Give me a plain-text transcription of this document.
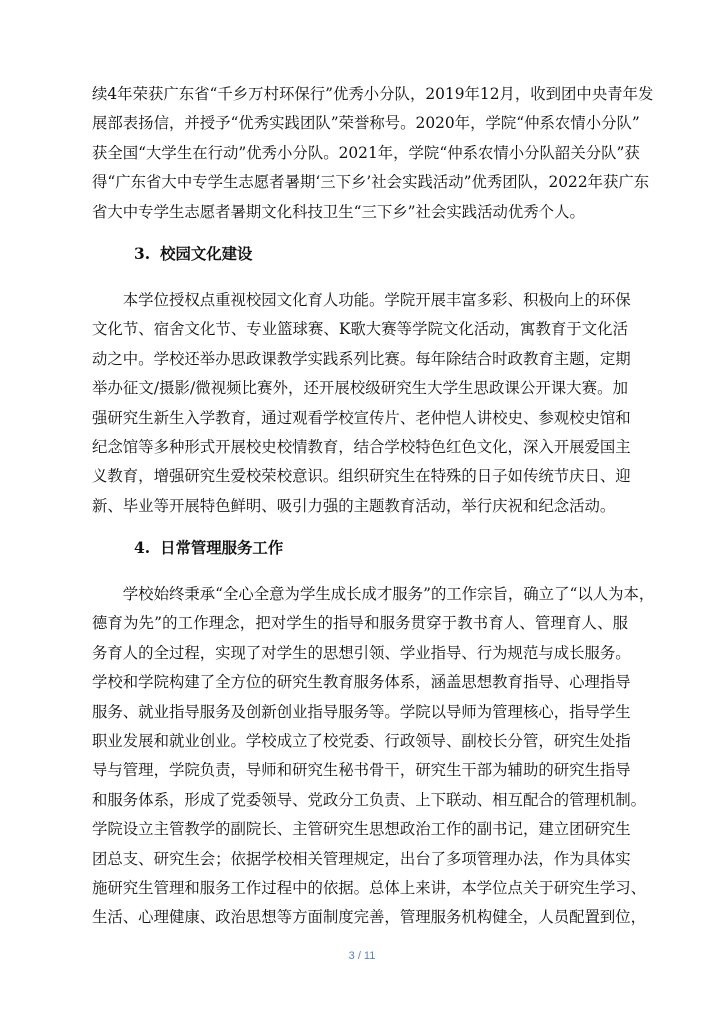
续4年荣获广东省“千乡万村环保行”优秀小分队，2019年12月，收到团中央青年发
展部表扬信，并授予“优秀实践团队”荣誉称号。2020年，学院“仲系农情小分队”
获全国“大学生在行动”优秀小分队。2021年，学院“仲系农情小分队韶关分队”获
得“广东省大中专学生志愿者暑期‘三下乡’社会实践活动”优秀团队，2022年获广东
省大中专学生志愿者暑期文化科技卫生“三下乡”社会实践活动优秀个人。
3. 校园文化建设
　　本学位授权点重视校园文化育人功能。学院开展丰富多彩、积极向上的环保
文化节、宿舍文化节、专业篮球赛、K歌大赛等学院文化活动，寓教育于文化活
动之中。学校还举办思政课教学实践系列比赛。每年除结合时政教育主题，定期
举办征文/摄影/微视频比赛外，还开展校级研究生大学生思政课公开课大赛。加
强研究生新生入学教育，通过观看学校宣传片、老仲恺人讲校史、参观校史馆和
纪念馆等多种形式开展校史校情教育，结合学校特色红色文化，深入开展爱国主
义教育，增强研究生爱校荣校意识。组织研究生在特殊的日子如传统节庆日、迎
新、毕业等开展特色鲜明、吸引力强的主题教育活动，举行庆祝和纪念活动。
4. 日常管理服务工作
　　学校始终秉承“全心全意为学生成长成才服务”的工作宗旨，确立了“以人为本，
德育为先”的工作理念，把对学生的指导和服务贯穿于教书育人、管理育人、服
务育人的全过程，实现了对学生的思想引领、学业指导、行为规范与成长服务。
学校和学院构建了全方位的研究生教育服务体系，涵盖思想教育指导、心理指导
服务、就业指导服务及创新创业指导服务等。学院以导师为管理核心，指导学生
职业发展和就业创业。学校成立了校党委、行政领导、副校长分管，研究生处指
导与管理，学院负责，导师和研究生秘书骨干，研究生干部为辅助的研究生指导
和服务体系，形成了党委领导、党政分工负责、上下联动、相互配合的管理机制。
学院设立主管教学的副院长、主管研究生思想政治工作的副书记，建立团研究生
团总支、研究生会；依据学校相关管理规定，出台了多项管理办法，作为具体实
施研究生管理和服务工作过程中的依据。总体上来讲，本学位点关于研究生学习、
生活、心理健康、政治思想等方面制度完善，管理服务机构健全，人员配置到位，
3 / 11
